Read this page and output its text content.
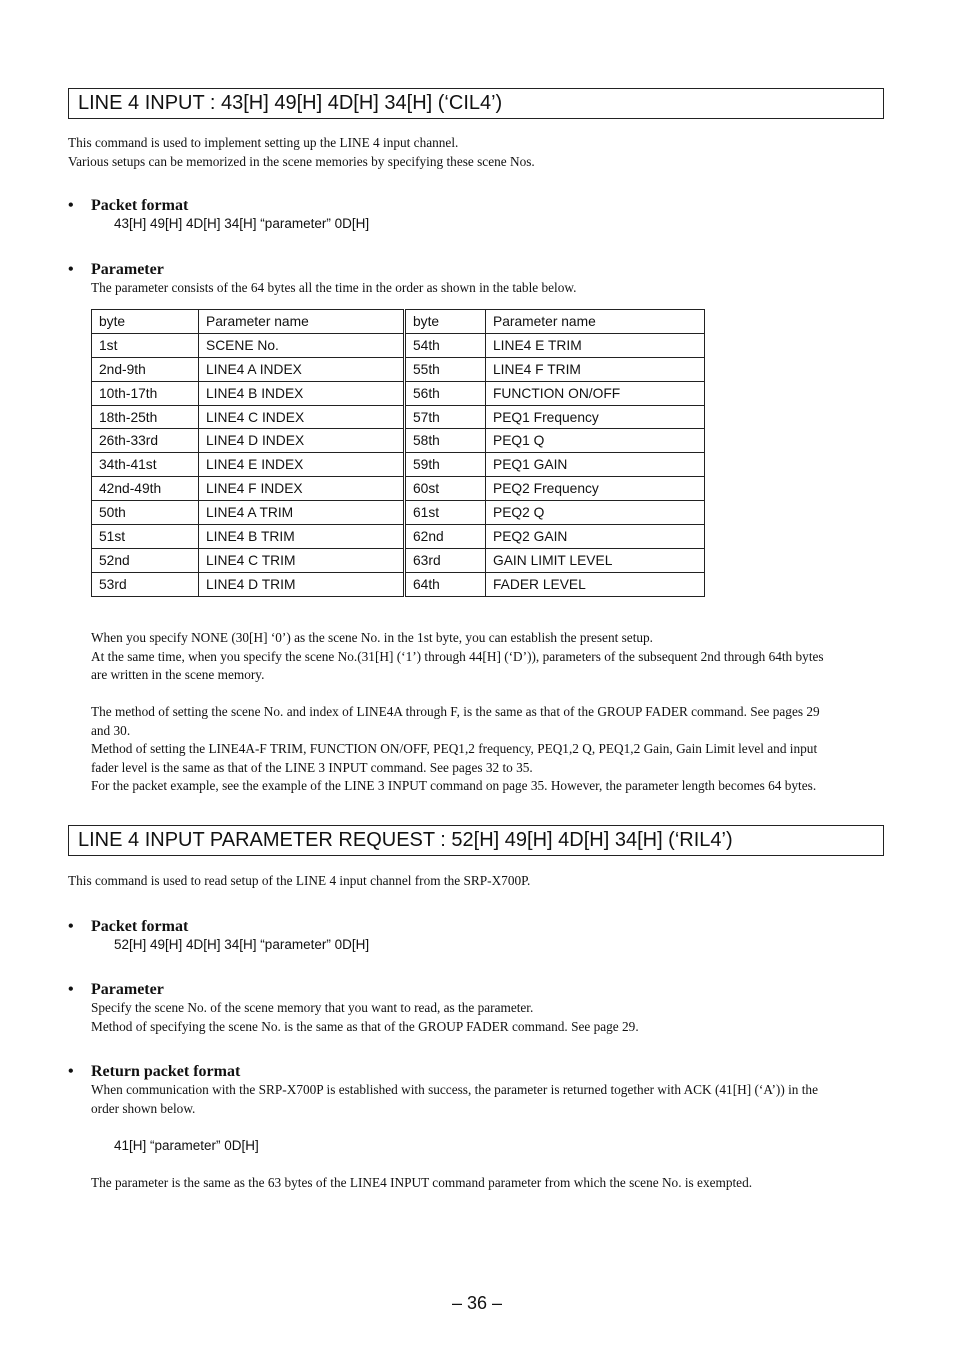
LINE 4 INPUT : 43[H] 49[H] 4D[H] 34[H] (‘CIL4’)
This command is used to implement setting up the LINE 4 input channel.
Various setups can be memorized in the scene memories by specifying these scene Nos.
• Packet format
43[H] 49[H] 4D[H] 34[H] “parameter” 0D[H]
• Parameter
The parameter consists of the 64 bytes all the time in the order as shown in the table below.
byte	Parameter name	byte	Parameter name
1st	SCENE No.	54th	LINE4 E TRIM
2nd-9th	LINE4 A INDEX	55th	LINE4 F TRIM
10th-17th	LINE4 B INDEX	56th	FUNCTION ON/OFF
18th-25th	LINE4 C INDEX	57th	PEQ1 Frequency
26th-33rd	LINE4 D INDEX	58th	PEQ1 Q
34th-41st	LINE4 E INDEX	59th	PEQ1 GAIN
42nd-49th	LINE4 F INDEX	60st	PEQ2 Frequency
50th	LINE4 A TRIM	61st	PEQ2 Q
51st	LINE4 B TRIM	62nd	PEQ2 GAIN
52nd	LINE4 C TRIM	63rd	GAIN LIMIT LEVEL
53rd	LINE4 D TRIM	64th	FADER LEVEL
When you specify NONE (30[H] ‘0’) as the scene No. in the 1st byte, you can establish the present setup.
At the same time, when you specify the scene No.(31[H] (‘1’) through 44[H] (‘D’)), parameters of the subsequent 2nd through 64th bytes
are written in the scene memory.
The method of setting the scene No. and index of LINE4A through F, is the same as that of the GROUP FADER command. See pages 29
and 30.
Method of setting the LINE4A-F TRIM, FUNCTION ON/OFF, PEQ1,2 frequency, PEQ1,2 Q, PEQ1,2 Gain, Gain Limit level and input
fader level is the same as that of the LINE 3 INPUT command. See pages 32 to 35.
For the packet example, see the example of the LINE 3 INPUT command on page 35. However, the parameter length becomes 64 bytes.
LINE 4 INPUT PARAMETER REQUEST : 52[H] 49[H] 4D[H] 34[H] (‘RIL4’)
This command is used to read setup of the LINE 4 input channel from the SRP-X700P.
• Packet format
52[H] 49[H] 4D[H] 34[H] “parameter” 0D[H]
• Parameter
Specify the scene No. of the scene memory that you want to read, as the parameter.
Method of specifying the scene No. is the same as that of the GROUP FADER command. See page 29.
• Return packet format
When communication with the SRP-X700P is established with success, the parameter is returned together with ACK (41[H] (‘A’)) in the
order shown below.
41[H] “parameter” 0D[H]
The parameter is the same as the 63 bytes of the LINE4 INPUT command parameter from which the scene No. is exempted.
– 36 –
